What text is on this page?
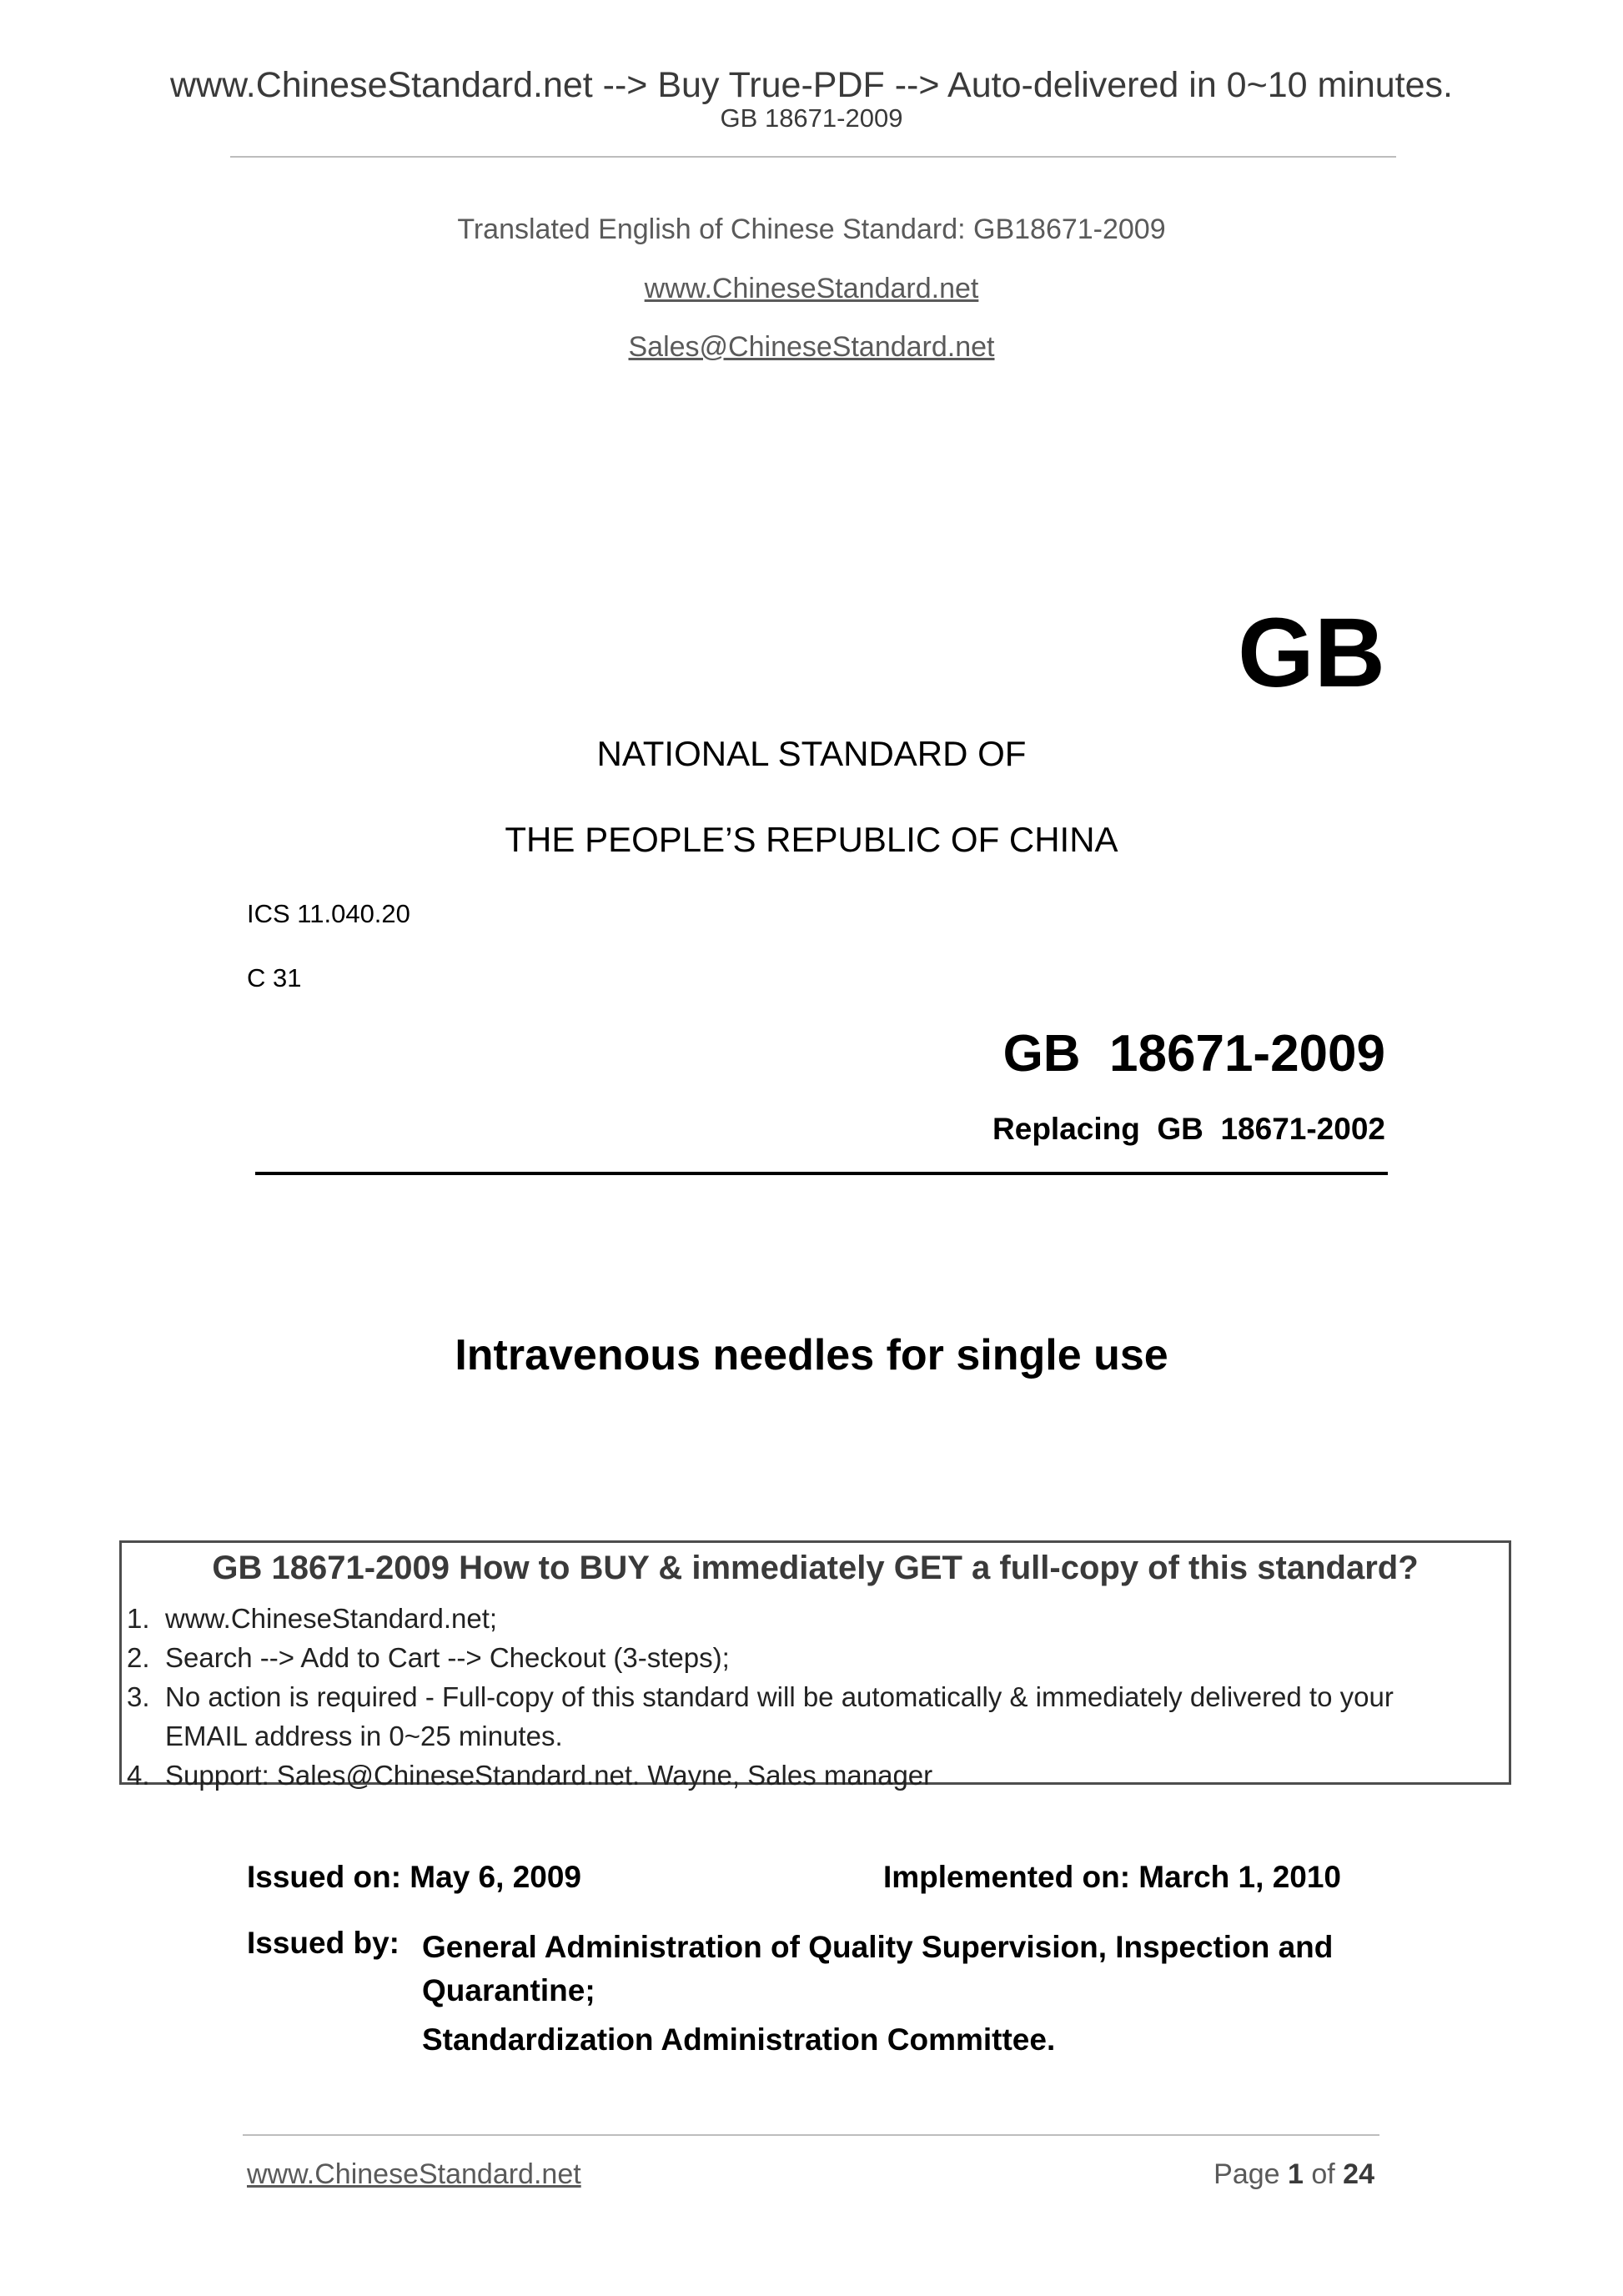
www.ChineseStandard.net --> Buy True-PDF --> Auto-delivered in 0~10 minutes.
GB 18671-2009
Translated English of Chinese Standard: GB18671-2009
www.ChineseStandard.net
Sales@ChineseStandard.net
GB
NATIONAL STANDARD OF
THE PEOPLE’S REPUBLIC OF CHINA
ICS 11.040.20
C 31
GB  18671-2009
Replacing  GB  18671-2002
Intravenous needles for single use
GB 18671-2009 How to BUY & immediately GET a full-copy of this standard?
1. www.ChineseStandard.net;
2. Search --> Add to Cart --> Checkout (3-steps);
3. No action is required - Full-copy of this standard will be automatically & immediately delivered to your EMAIL address in 0~25 minutes.
4. Support: Sales@ChineseStandard.net. Wayne, Sales manager
Issued on: May 6, 2009	Implemented on: March 1, 2010
Issued by: General Administration of Quality Supervision, Inspection and Quarantine;
Standardization Administration Committee.
www.ChineseStandard.net	Page 1 of 24
